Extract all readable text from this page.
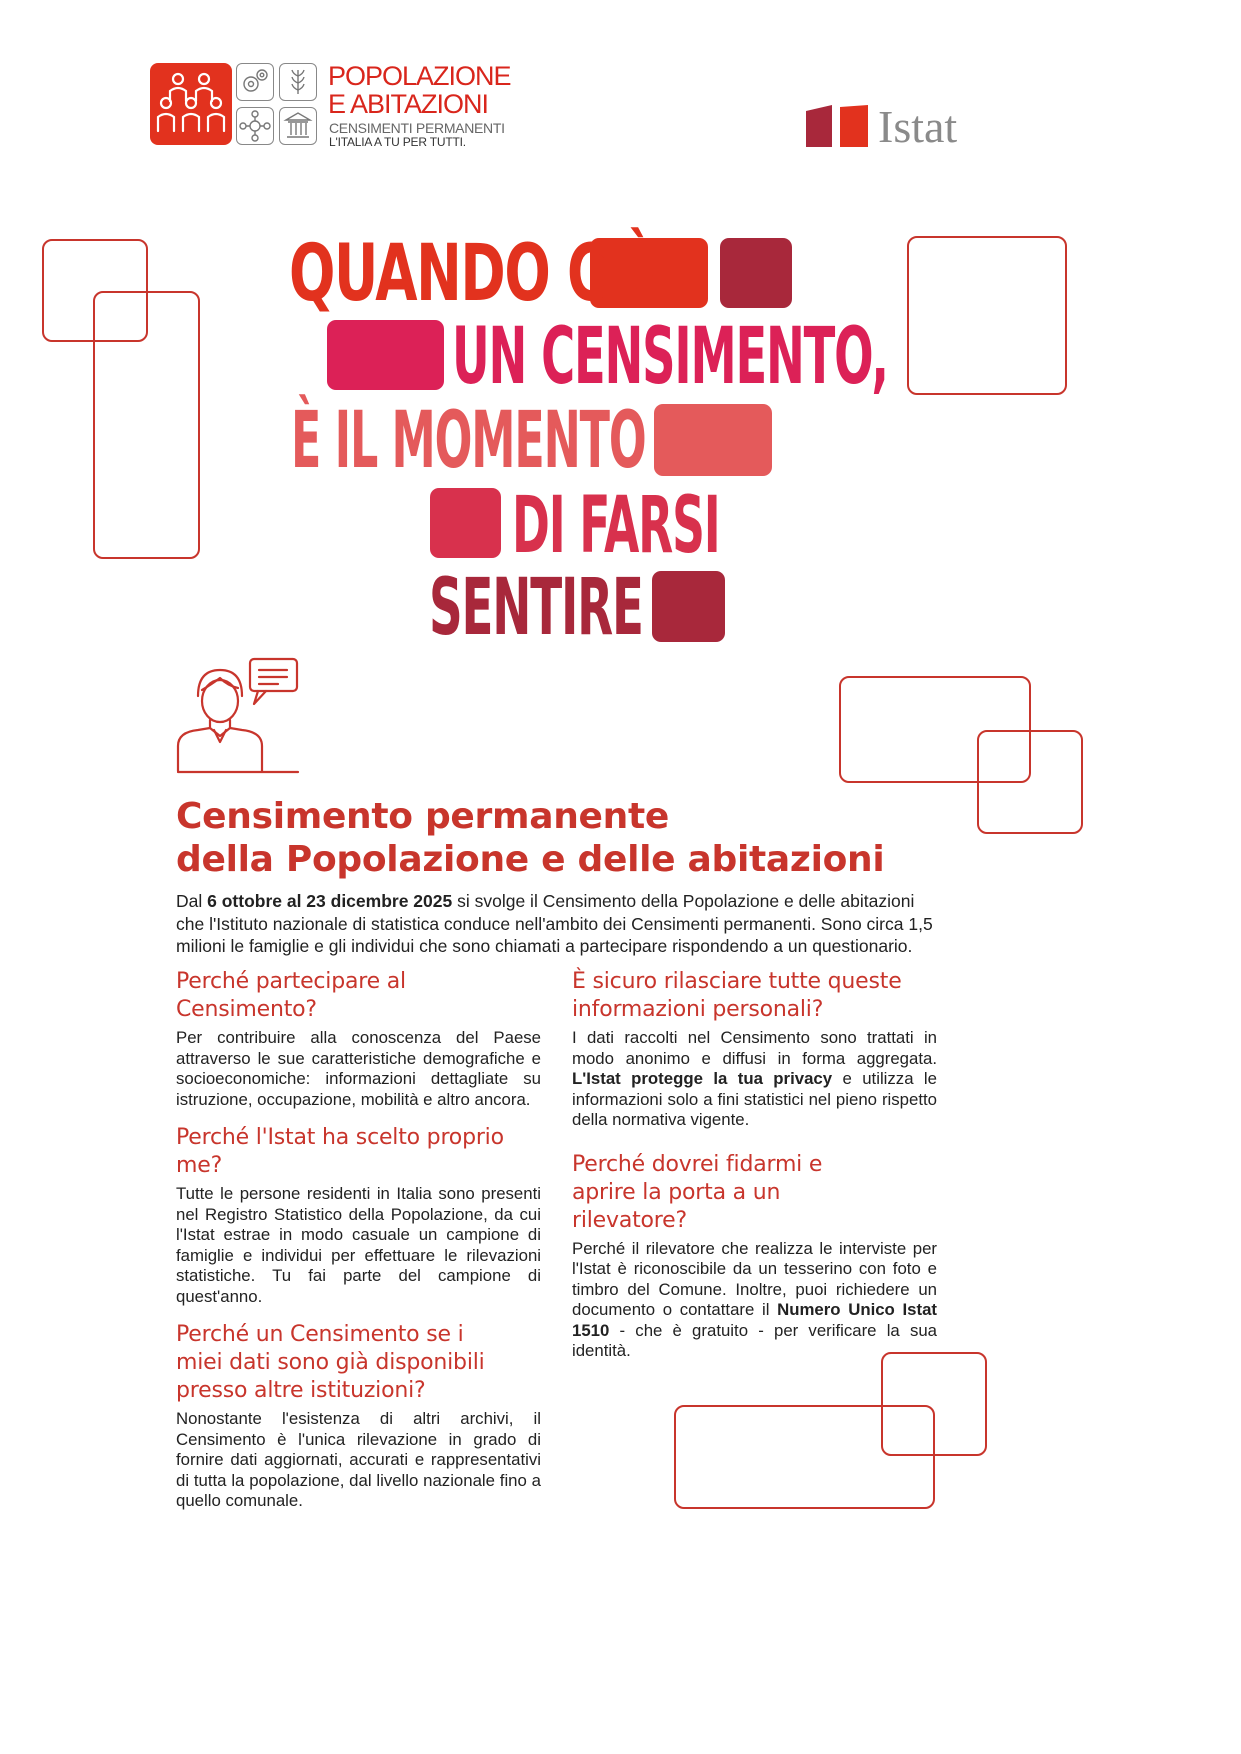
POPOLAZIONE
E ABITAZIONI
CENSIMENTI PERMANENTI
L'ITALIA A TU PER TUTTI.	Istat
QUANDO C'È
UN CENSIMENTO,
È IL MOMENTO
DI FARSI
SENTIRE
Censimento permanente
della Popolazione e delle abitazioni

Dal 6 ottobre al 23 dicembre 2025 si svolge il Censimento della Popolazione e delle abitazioni che l'Istituto nazionale di statistica conduce nell'ambito dei Censimenti permanenti. Sono circa 1,5 milioni le famiglie e gli individui che sono chiamati a partecipare rispondendo a un questionario.

Perché partecipare al Censimento?

Per contribuire alla conoscenza del Paese attraverso le sue caratteristiche demografiche e socioeconomiche: informazioni dettagliate su istruzione, occupazione, mobilità e altro ancora.

Perché l'Istat ha scelto proprio me?

Tutte le persone residenti in Italia sono presenti nel Registro Statistico della Popolazione, da cui l'Istat estrae in modo casuale un campione di famiglie e individui per effettuare le rilevazioni statistiche. Tu fai parte del campione di quest'anno.

Perché un Censimento se i miei dati sono già disponibili presso altre istituzioni?

Nonostante l'esistenza di altri archivi, il Censimento è l'unica rilevazione in grado di fornire dati aggiornati, accurati e rappresentativi di tutta la popolazione, dal livello nazionale fino a quello comunale.

È sicuro rilasciare tutte queste informazioni personali?

I dati raccolti nel Censimento sono trattati in modo anonimo e diffusi in forma aggregata. L'Istat protegge la tua privacy e utilizza le informazioni solo a fini statistici nel pieno rispetto della normativa vigente.

Perché dovrei fidarmi e aprire la porta a un rilevatore?

Perché il rilevatore che realizza le interviste per l'Istat è riconoscibile da un tesserino con foto e timbro del Comune. Inoltre, puoi richiedere un documento o contattare il Numero Unico Istat 1510 - che è gratuito - per verificare la sua identità.
